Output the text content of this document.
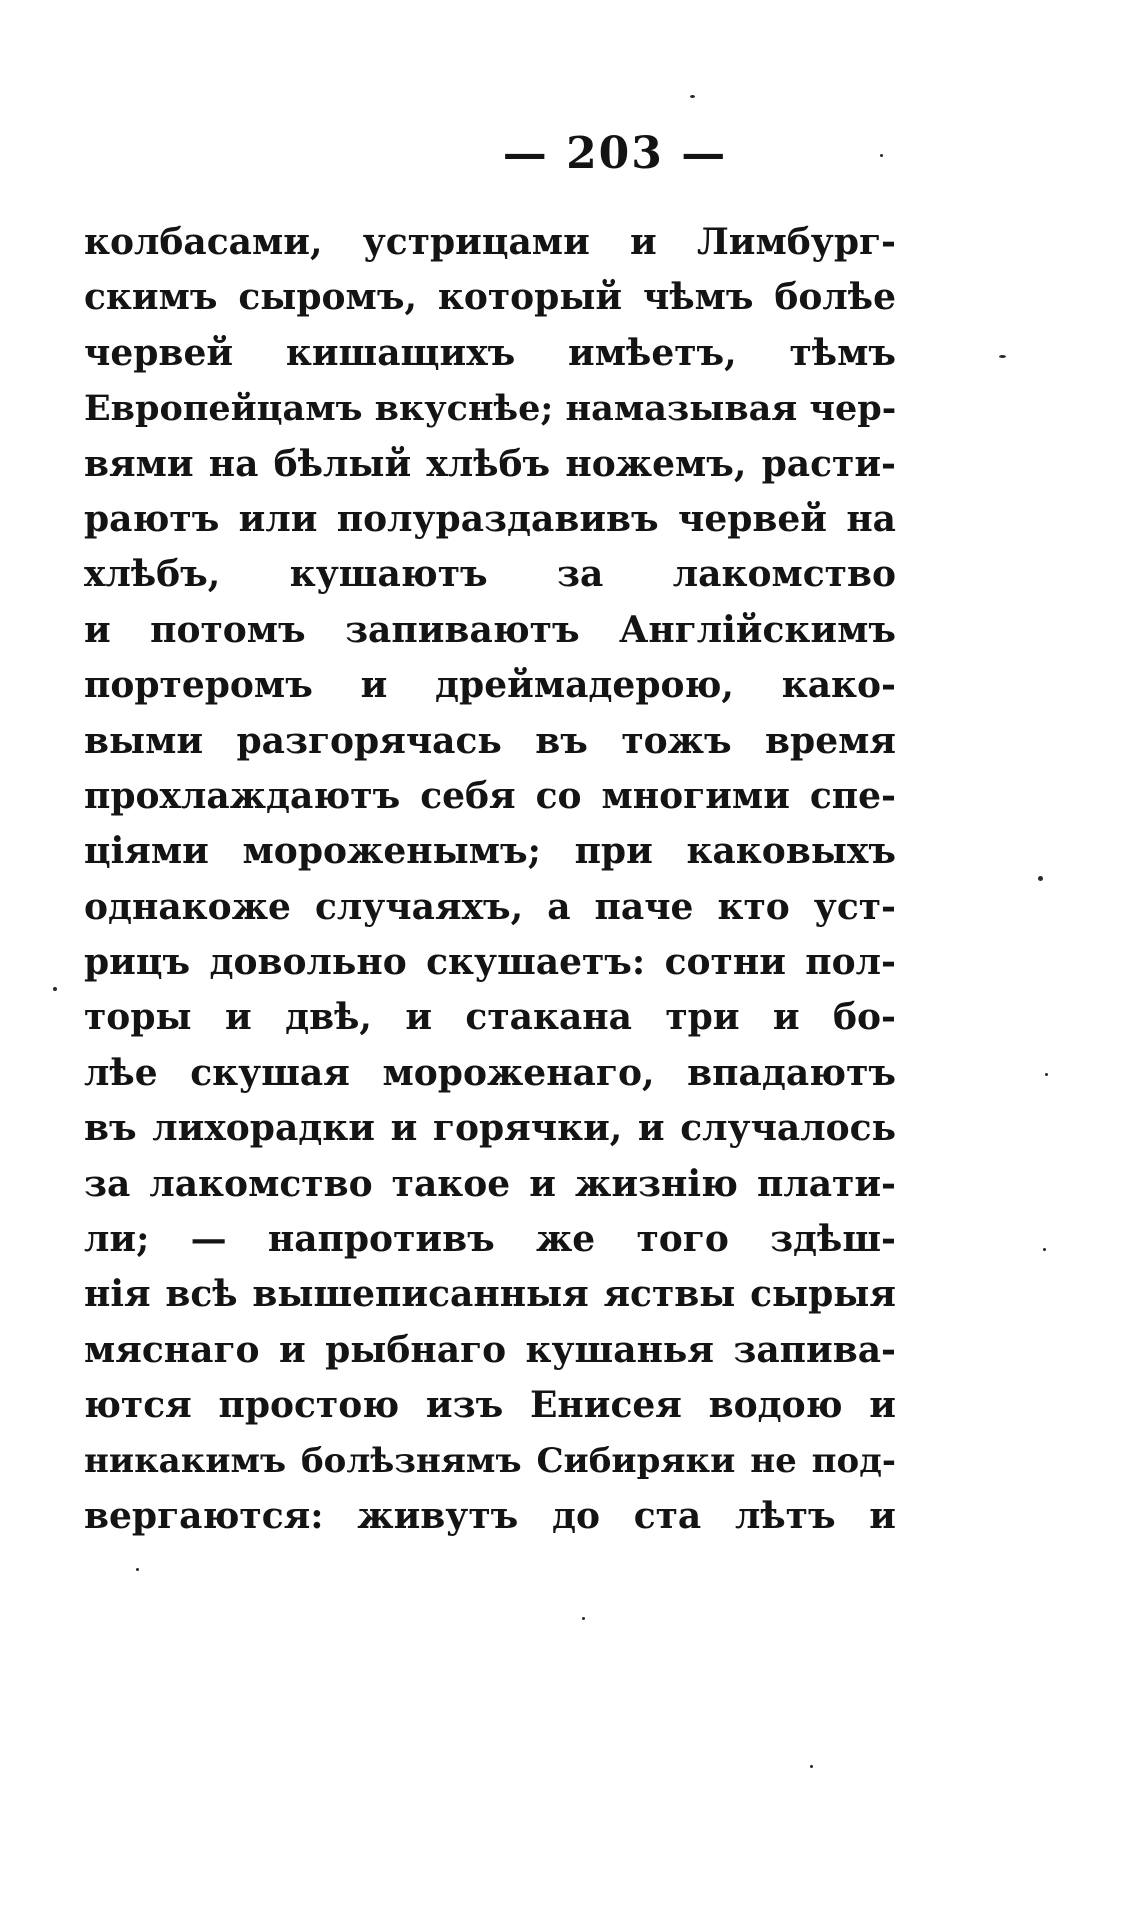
— 203 —
колбасами, устрицами и Лимбург-
скимъ сыромъ, который чѣмъ болѣе
червей кишащихъ имѣетъ, тѣмъ
Европейцамъ вкуснѣе; намазывая чер-
вями на бѣлый хлѣбъ ножемъ, расти-
раютъ или полураздавивъ червей на
хлѣбъ, кушаютъ за лакомство
и потомъ запиваютъ Англійскимъ
портеромъ и дреймадерою, како-
выми разгорячась въ тожъ время
прохлаждаютъ себя со многими спе-
ціями мороженымъ; при каковыхъ
однакоже случаяхъ, а паче кто уст-
рицъ довольно скушаетъ: сотни пол-
торы и двѣ, и стакана три и бо-
лѣе скушая мороженаго, впадаютъ
въ лихорадки и горячки, и случалось
за лакомство такое и жизнію плати-
ли; — напротивъ же того здѣш-
нія всѣ вышеписанныя яствы сырыя
мяснаго и рыбнаго кушанья запива-
ются простою изъ Енисея водою и
никакимъ болѣзнямъ Сибиряки не под-
вергаются: живутъ до ста лѣтъ и
